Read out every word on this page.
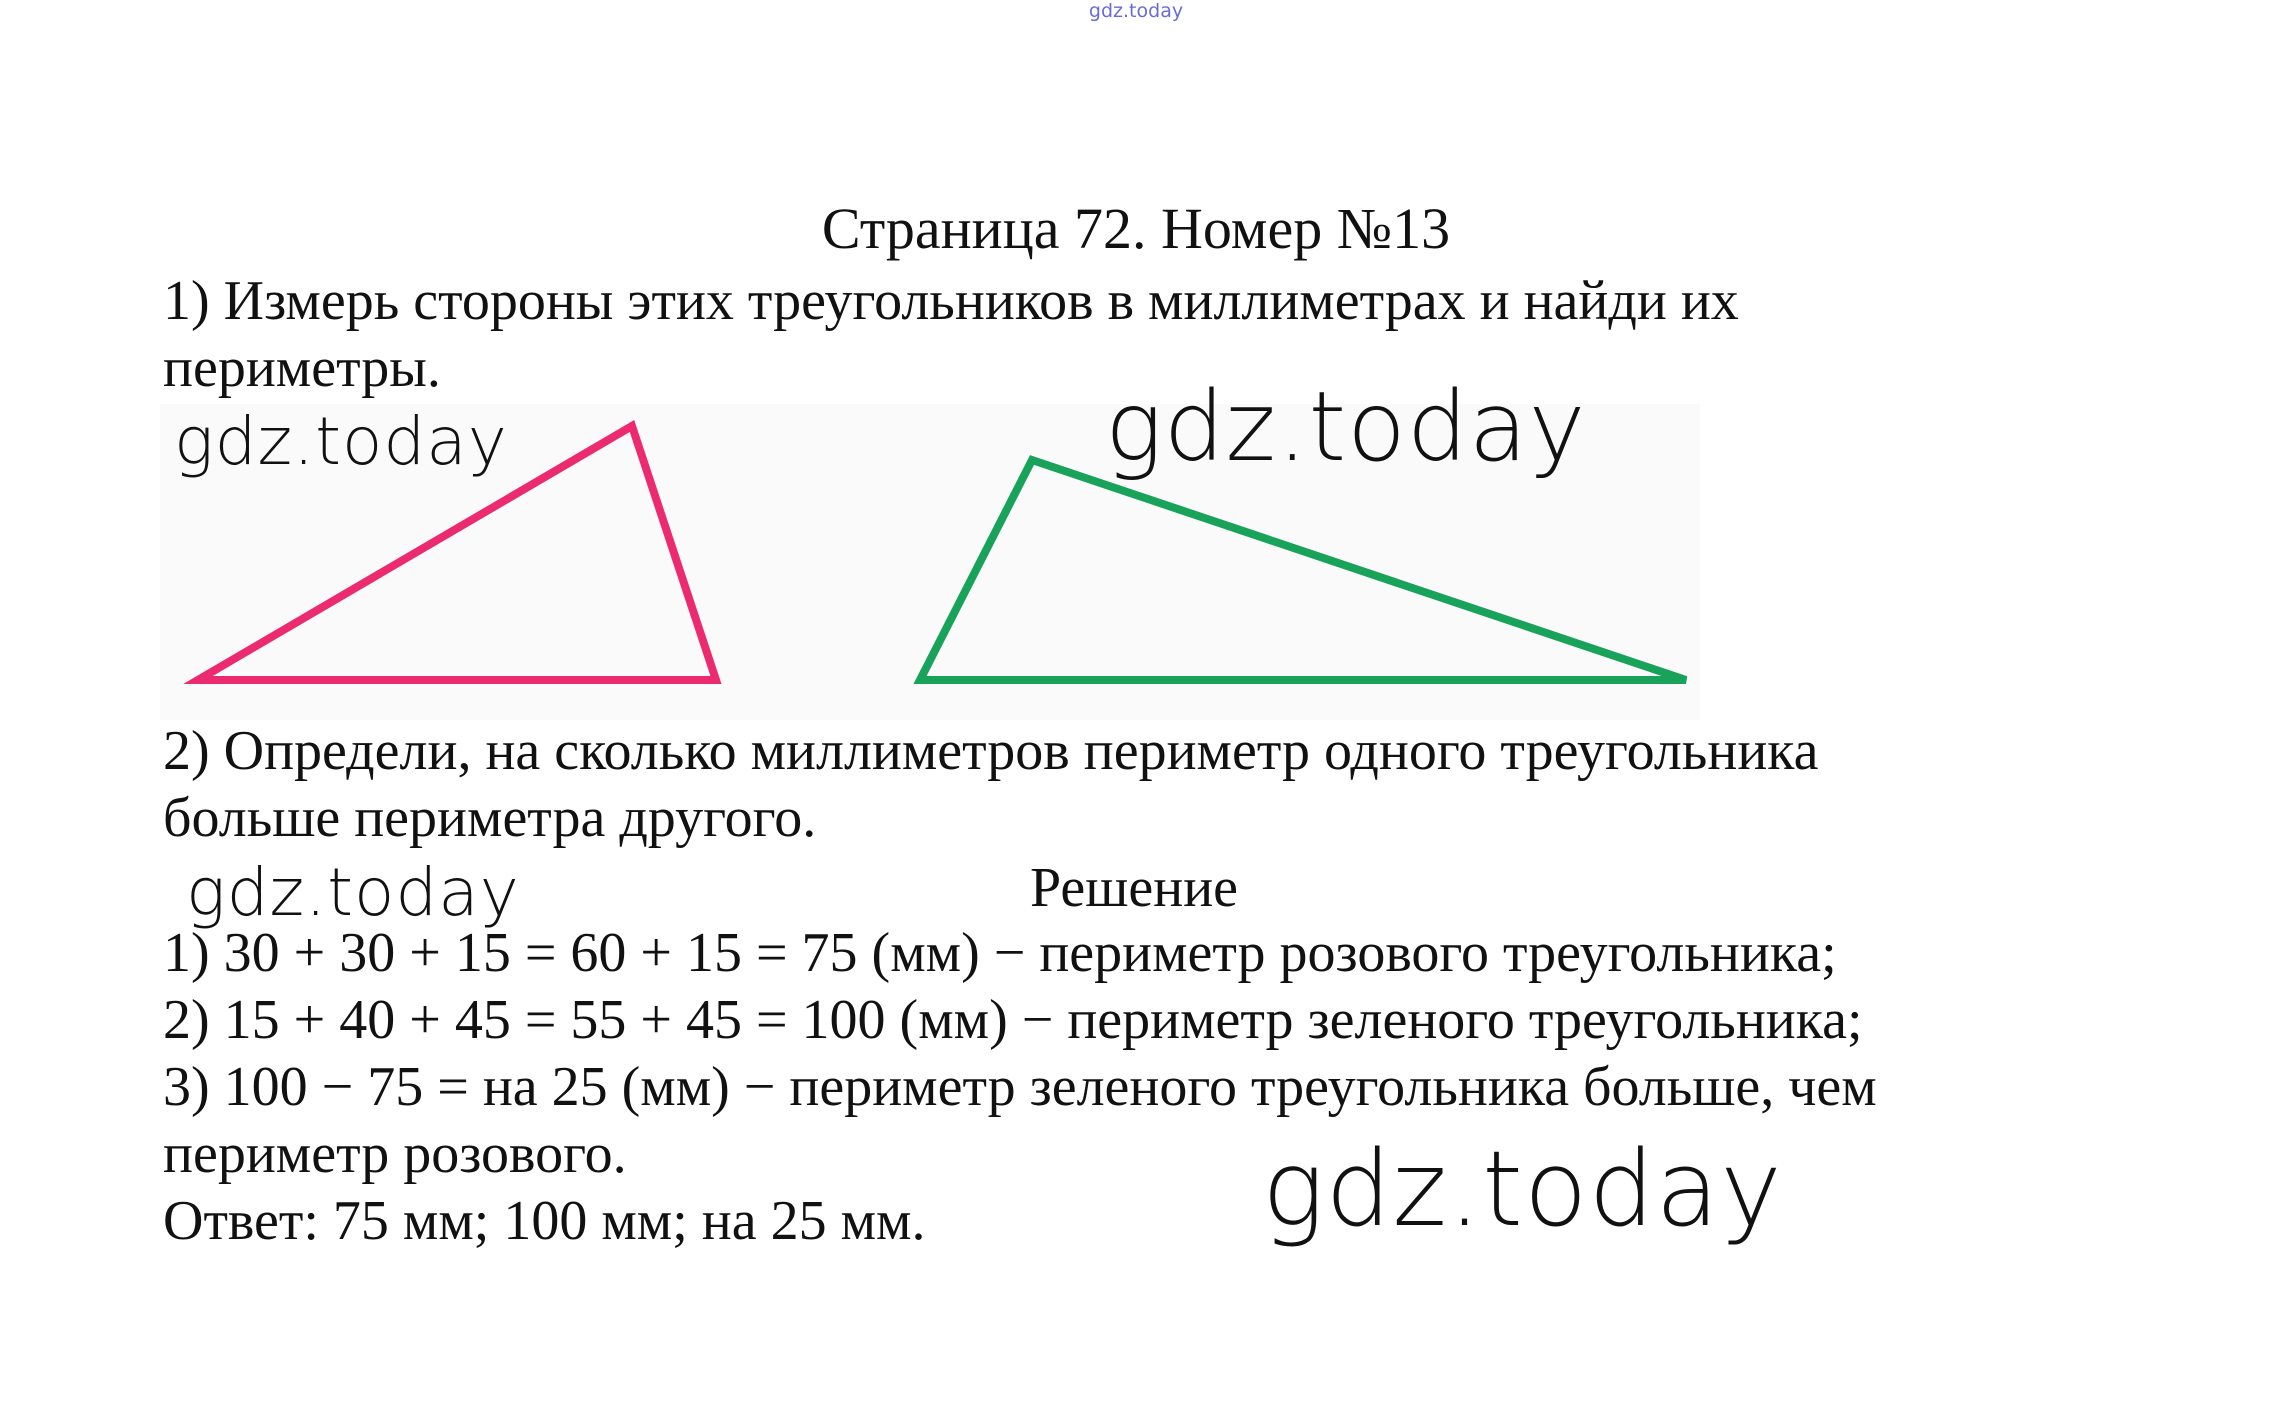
gdz.today
Страница 72. Номер №13
1) Измерь стороны этих треугольников в миллиметрах и найди их
периметры.
gdz.today	gdz.today
2) Определи, на сколько миллиметров периметр одного треугольника
больше периметра другого.
gdz.today	Решение
1) 30 + 30 + 15 = 60 + 15 = 75 (мм) − периметр розового треугольника;
2) 15 + 40 + 45 = 55 + 45 = 100 (мм) − периметр зеленого треугольника;
3) 100 − 75 = на 25 (мм) − периметр зеленого треугольника больше, чем
периметр розового.
Ответ: 75 мм; 100 мм; на 25 мм.	gdz.today
